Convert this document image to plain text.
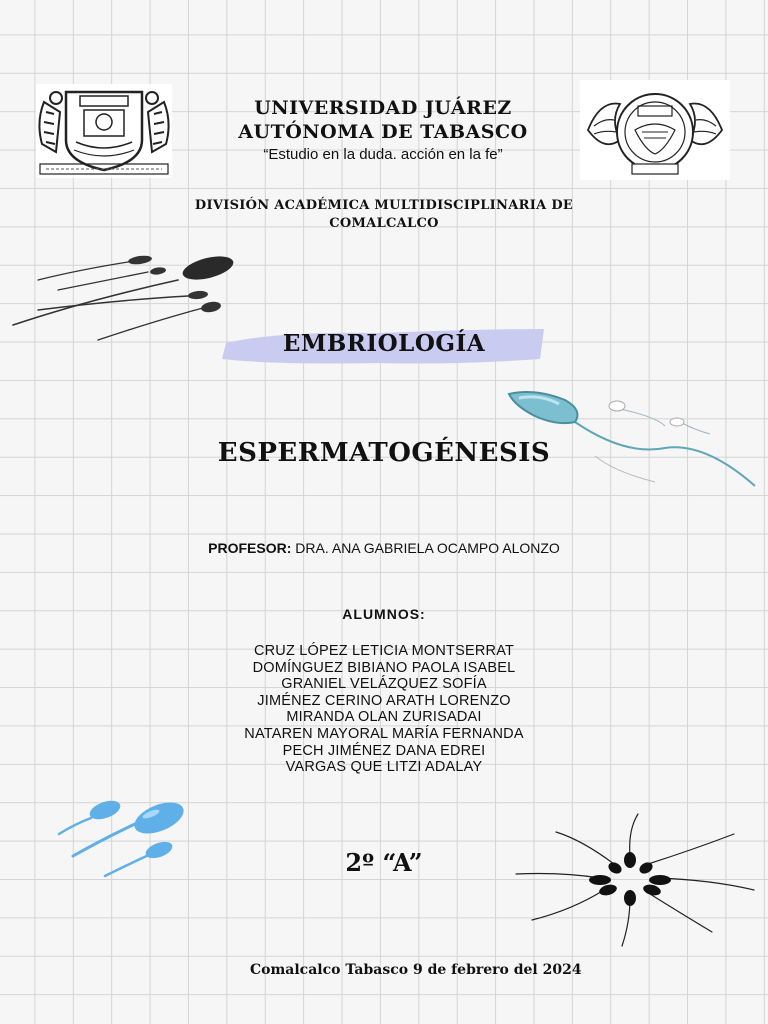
UNIVERSIDAD JUÁREZ
AUTÓNOMA DE TABASCO
“Estudio en la duda. acción en la fe”
DIVISIÓN ACADÉMICA MULTIDISCIPLINARIA DE
COMALCALCO
EMBRIOLOGÍA
ESPERMATOGÉNESIS
PROFESOR: DRA. ANA GABRIELA OCAMPO ALONZO
ALUMNOS:
CRUZ LÓPEZ LETICIA MONTSERRAT
DOMÍNGUEZ BIBIANO PAOLA ISABEL
GRANIEL VELÁZQUEZ SOFÍA
JIMÉNEZ CERINO ARATH LORENZO
MIRANDA OLAN ZURISADAI
NATAREN MAYORAL MARÍA FERNANDA
PECH JIMÉNEZ DANA EDREI
VARGAS QUE LITZI ADALAY
2º “A”
Comalcalco Tabasco 9 de febrero del 2024
